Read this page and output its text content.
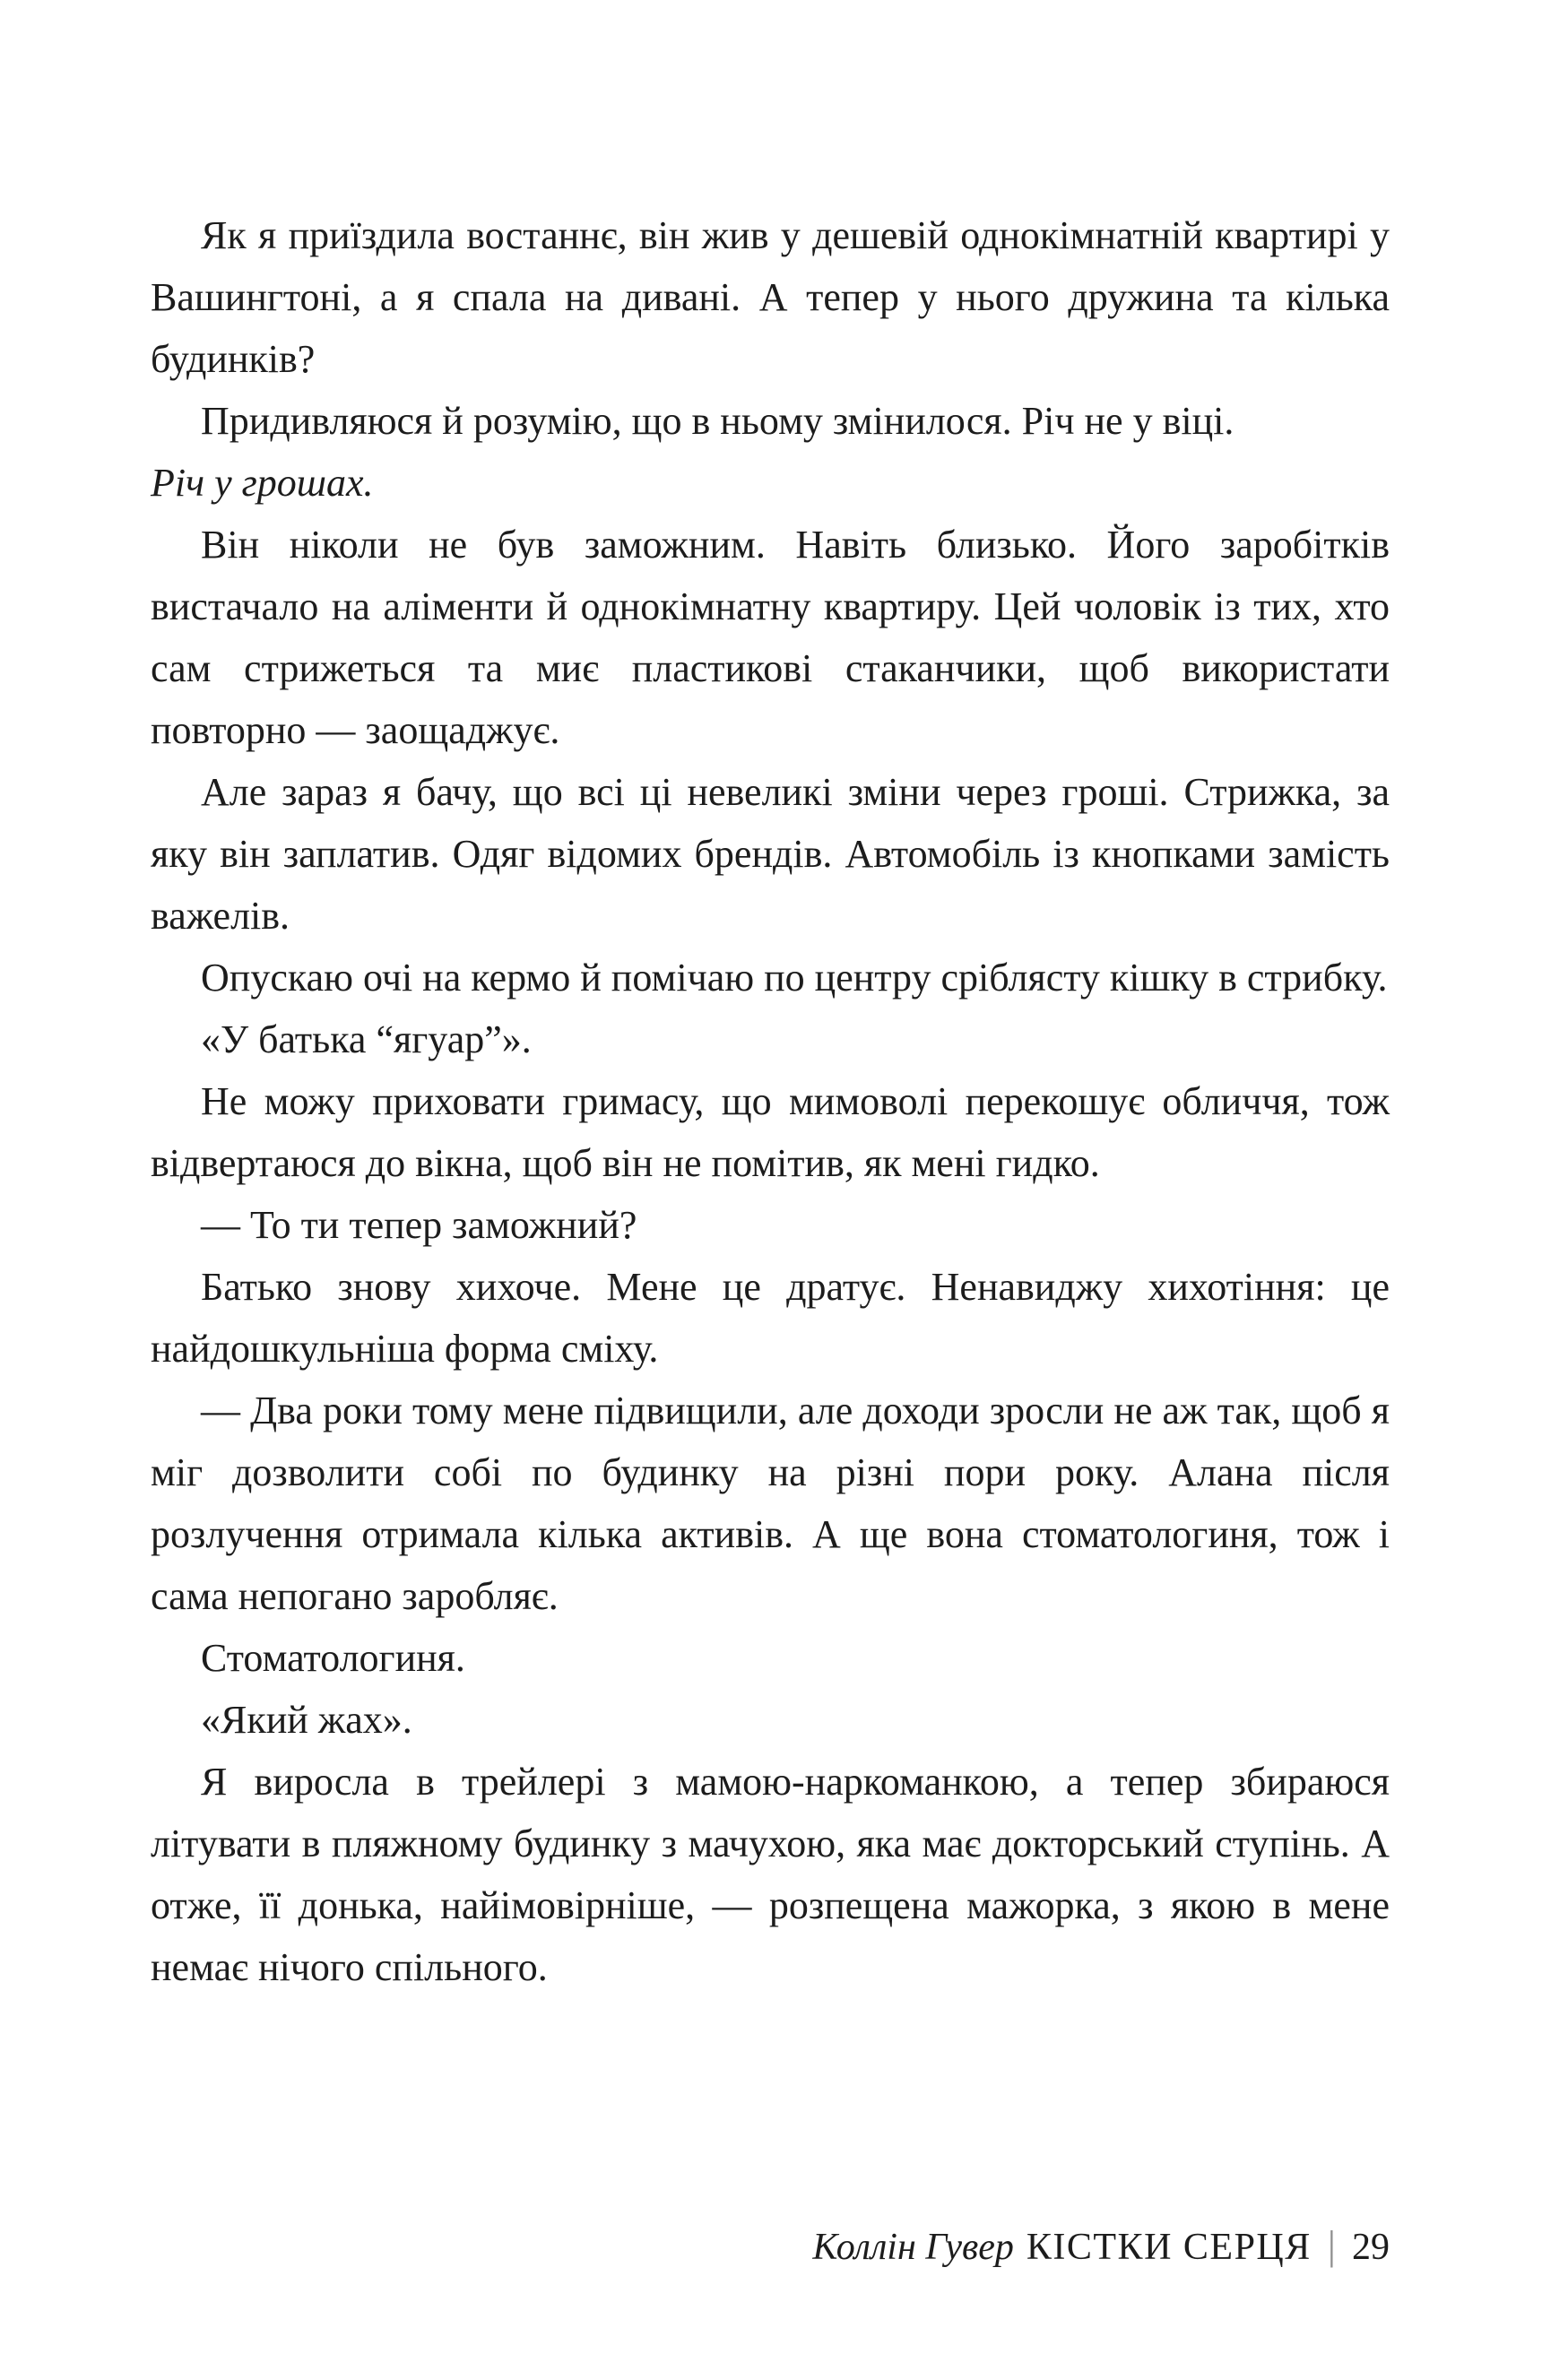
Як я приїздила востаннє, він жив у дешевій однокімнатній квартирі у Вашингтоні, а я спала на дивані. А тепер у нього дружина та кілька будинків?

Придивляюся й розумію, що в ньому змінилося. Річ не у віці.

Річ у грошах.

Він ніколи не був заможним. Навіть близько. Його заробітків вистачало на аліменти й однокімнатну квартиру. Цей чоловік із тих, хто сам стрижеться та миє пластикові стаканчики, щоб використати повторно — заощаджує.

Але зараз я бачу, що всі ці невеликі зміни через гроші. Стрижка, за яку він заплатив. Одяг відомих брендів. Автомобіль із кнопками замість важелів.

Опускаю очі на кермо й помічаю по центру сріблясту кішку в стрибку.

«У батька “ягуар”».

Не можу приховати гримасу, що мимоволі перекошує обличчя, тож відвертаюся до вікна, щоб він не помітив, як мені гидко.

— То ти тепер заможний?

Батько знову хихоче. Мене це дратує. Ненавиджу хихотіння: це найдошкульніша форма сміху.

— Два роки тому мене підвищили, але доходи зросли не аж так, щоб я міг дозволити собі по будинку на різні пори року. Алана після розлучення отримала кілька активів. А ще вона стоматологиня, тож і сама непогано заробляє.

Стоматологиня.

«Який жах».

Я виросла в трейлері з мамою-наркоманкою, а тепер збираюся літувати в пляжному будинку з мачухою, яка має докторський ступінь. А отже, її донька, найімовірніше, — розпещена мажорка, з якою в мене немає нічого спільного.

Коллін Гувер КІСТКИ СЕРЦЯ | 29
